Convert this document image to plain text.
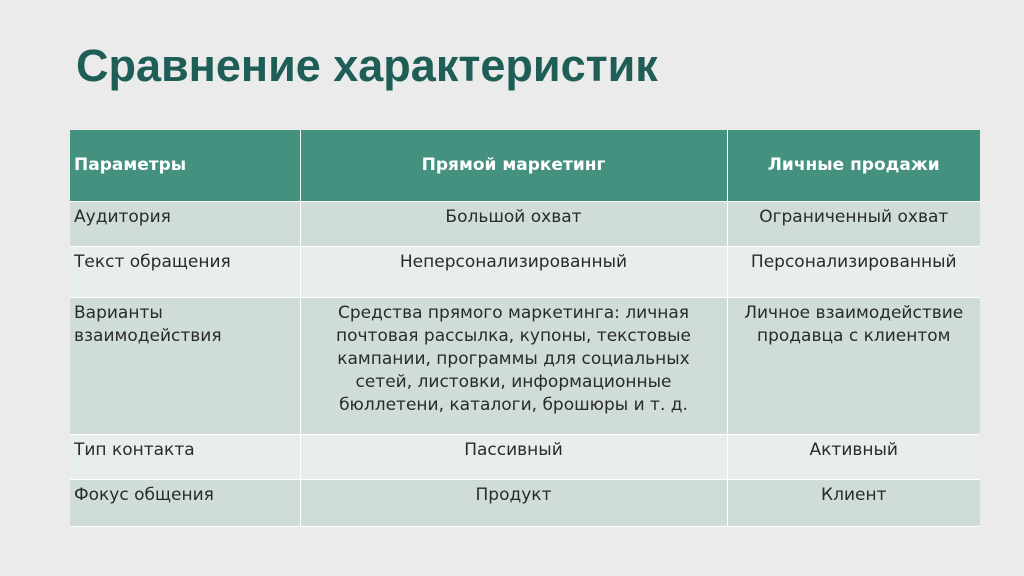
Сравнение характеристик
Параметры	Прямой маркетинг	Личные продажи
Аудитория	Большой охват	Ограниченный охват
Текст обращения	Неперсонализированный	Персонализированный
Варианты взаимодействия	Средства прямого маркетинга: личная почтовая рассылка, купоны, текстовые кампании, программы для социальных сетей, листовки, информационные бюллетени, каталоги, брошюры и т. д.	Личное взаимодействие продавца с клиентом
Тип контакта	Пассивный	Активный
Фокус общения	Продукт	Клиент
